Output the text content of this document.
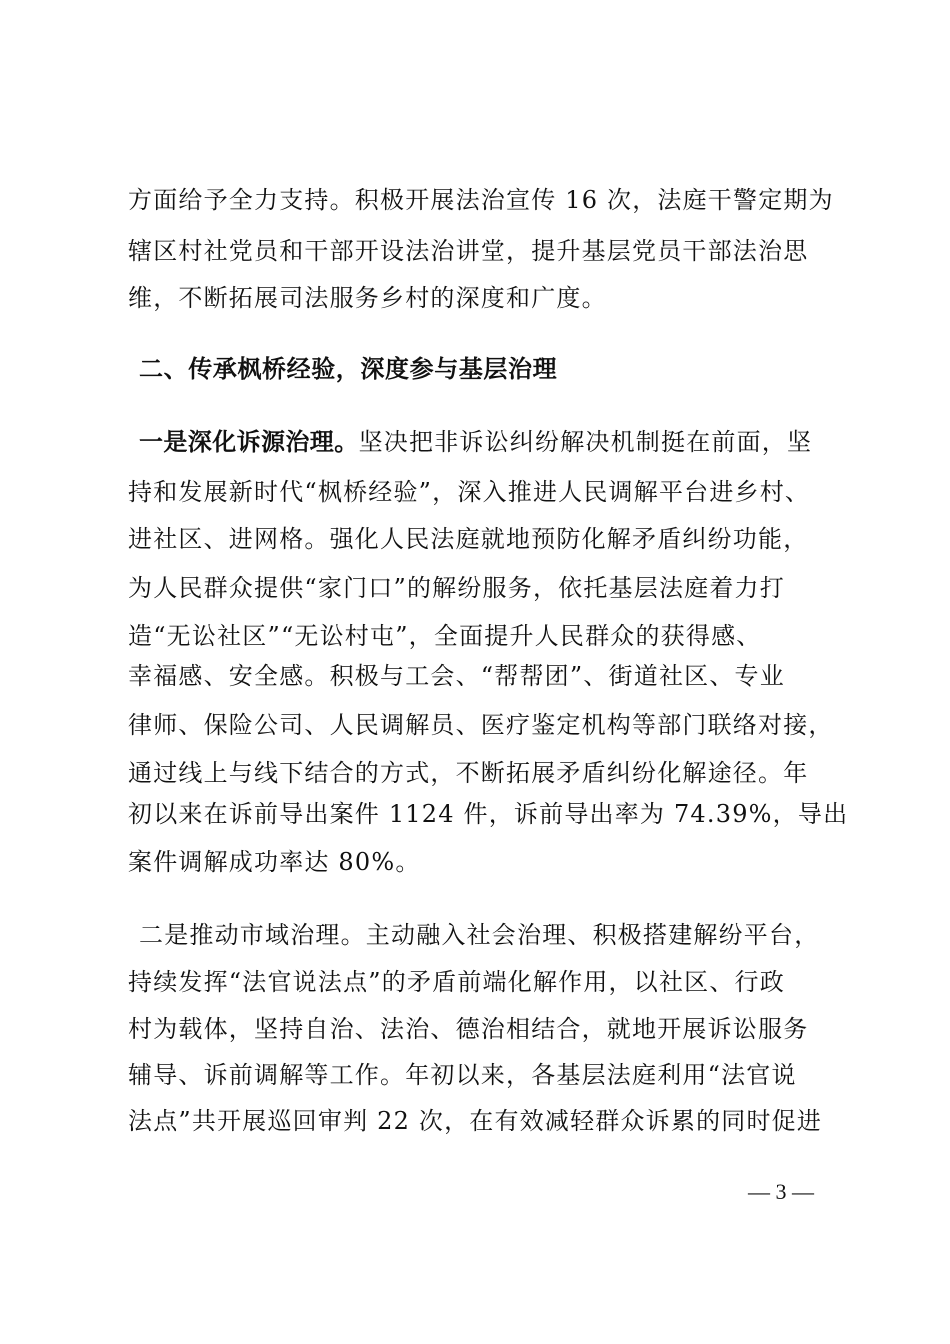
方面给予全力支持。积极开展法治宣传 16 次，法庭干警定期为
辖区村社党员和干部开设法治讲堂，提升基层党员干部法治思
维，不断拓展司法服务乡村的深度和广度。
二、传承枫桥经验，深度参与基层治理
一是深化诉源治理。坚决把非诉讼纠纷解决机制挺在前面，坚
持和发展新时代“枫桥经验”，深入推进人民调解平台进乡村、
进社区、进网格。强化人民法庭就地预防化解矛盾纠纷功能，
为人民群众提供“家门口”的解纷服务，依托基层法庭着力打
造“无讼社区”“无讼村屯”，全面提升人民群众的获得感、
幸福感、安全感。积极与工会、“帮帮团”、街道社区、专业
律师、保险公司、人民调解员、医疗鉴定机构等部门联络对接，
通过线上与线下结合的方式，不断拓展矛盾纠纷化解途径。年
初以来在诉前导出案件 1124 件，诉前导出率为 74.39%，导出
案件调解成功率达 80%。
二是推动市域治理。主动融入社会治理、积极搭建解纷平台，
持续发挥“法官说法点”的矛盾前端化解作用，以社区、行政
村为载体，坚持自治、法治、德治相结合，就地开展诉讼服务
辅导、诉前调解等工作。年初以来，各基层法庭利用“法官说
法点”共开展巡回审判 22 次，在有效减轻群众诉累的同时促进
— 3 —
